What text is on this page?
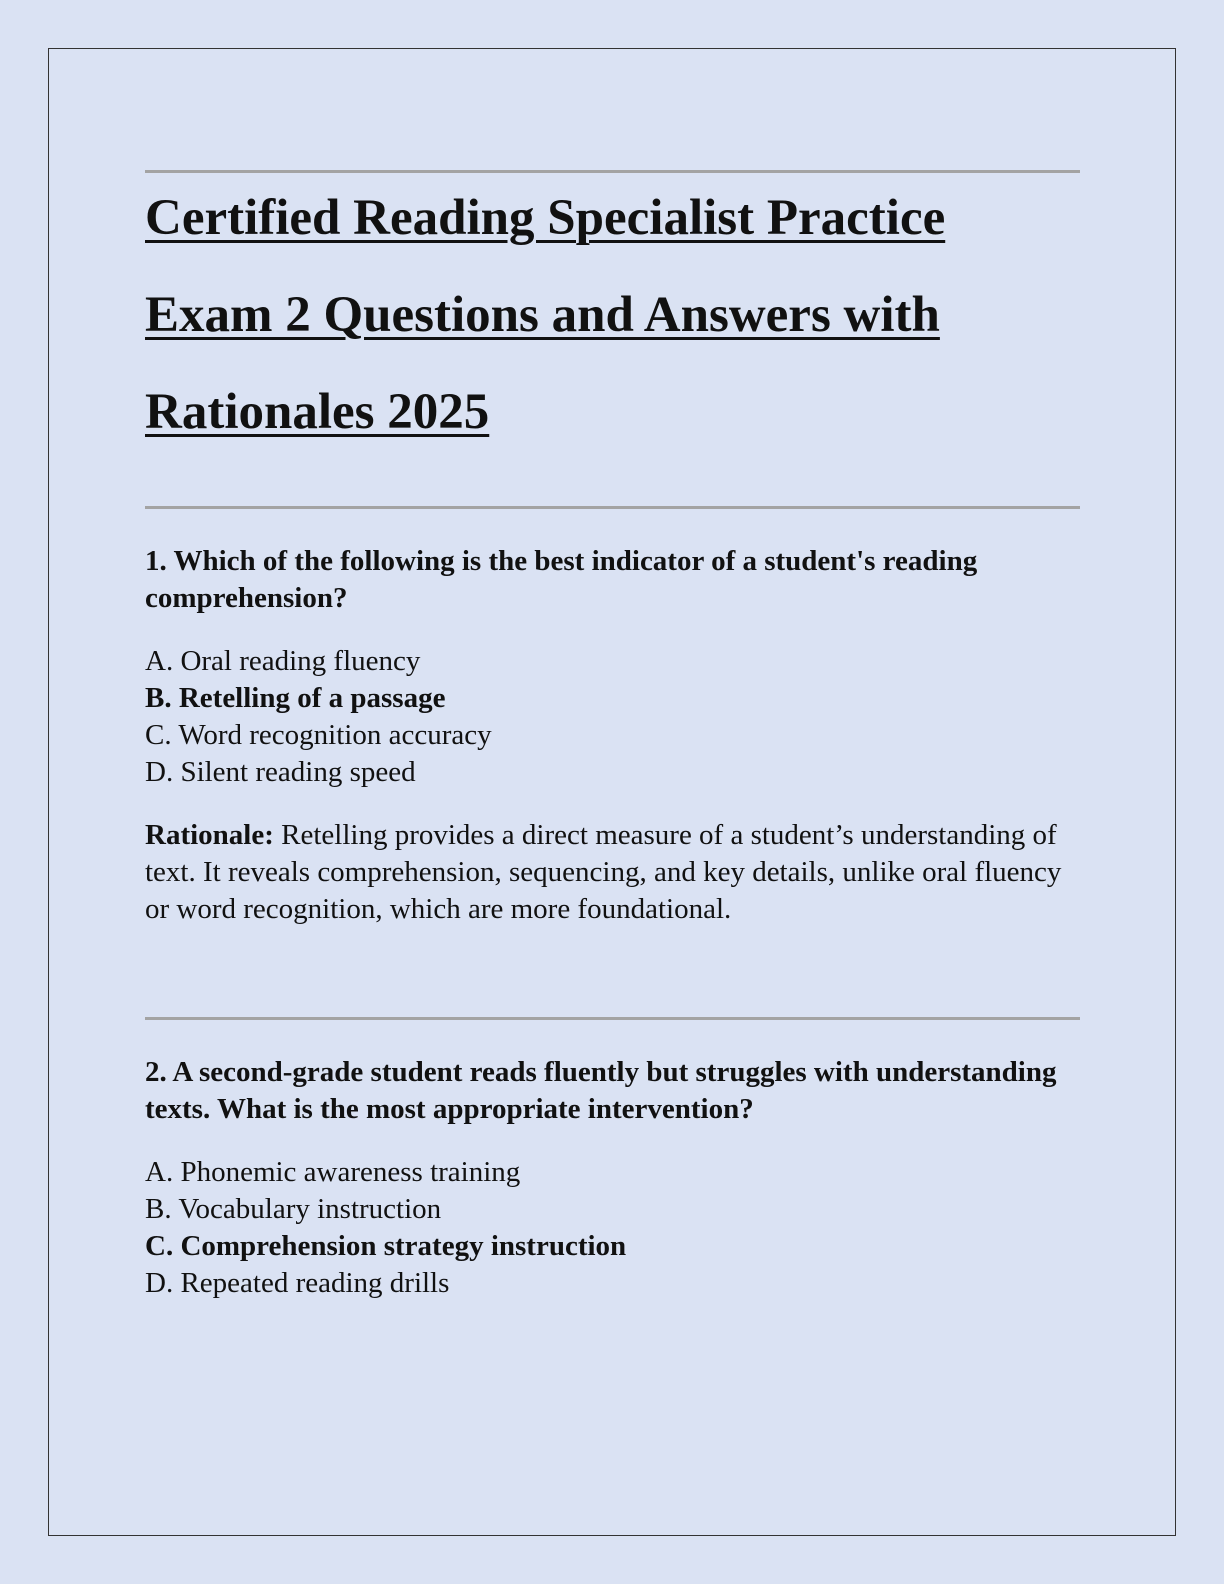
Certified Reading Specialist Practice
Exam 2 Questions and Answers with
Rationales 2025

1. Which of the following is the best indicator of a student's reading comprehension?

A. Oral reading fluency
B. Retelling of a passage
C. Word recognition accuracy
D. Silent reading speed

Rationale: Retelling provides a direct measure of a student’s understanding of text. It reveals comprehension, sequencing, and key details, unlike oral fluency or word recognition, which are more foundational.

2. A second-grade student reads fluently but struggles with understanding texts. What is the most appropriate intervention?

A. Phonemic awareness training
B. Vocabulary instruction
C. Comprehension strategy instruction
D. Repeated reading drills
